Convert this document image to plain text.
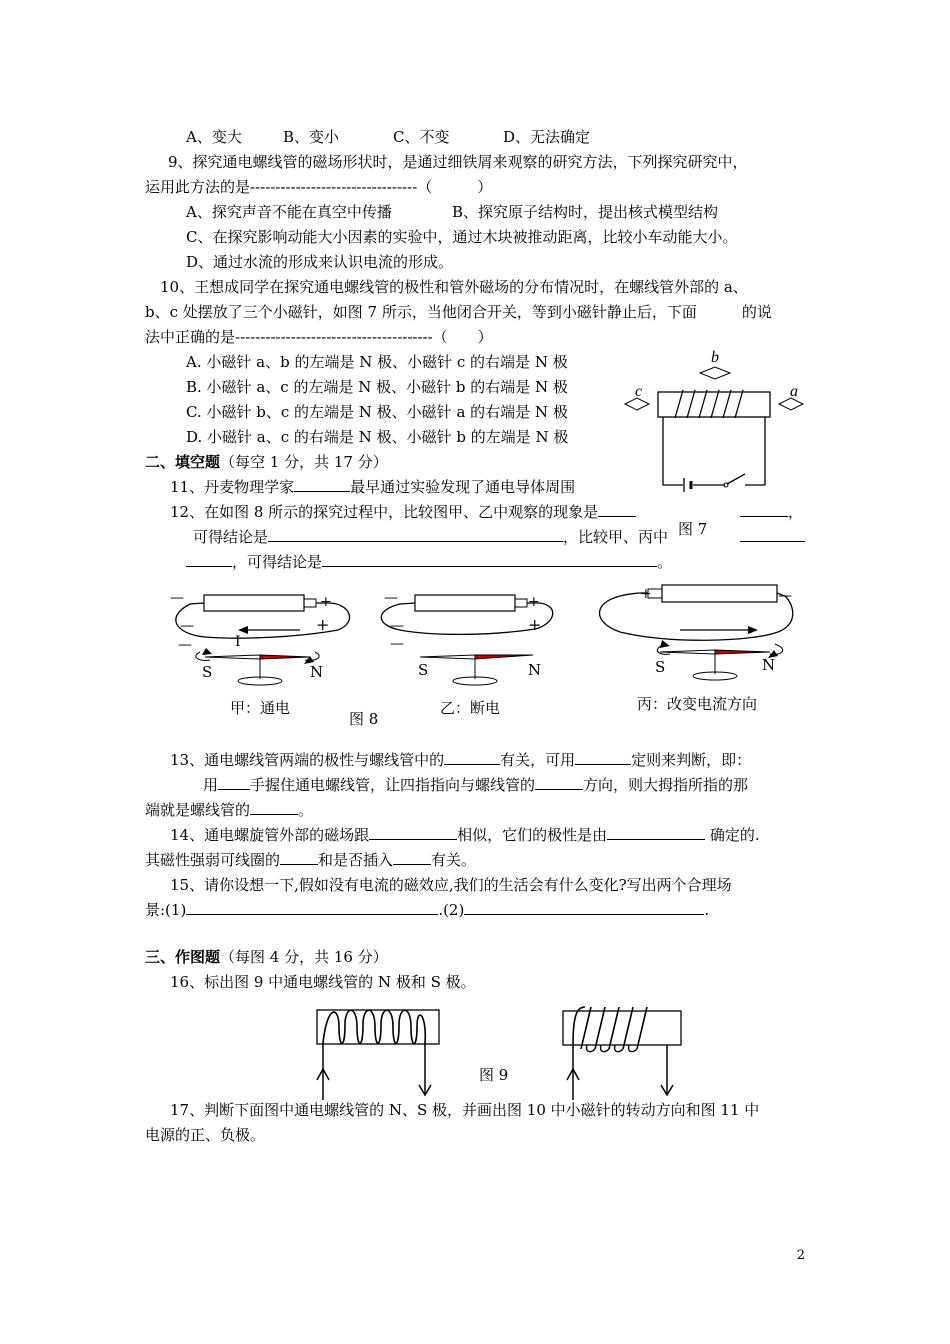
A、变大	B、变小	C、不变	D、无法确定
9、探究通电螺线管的磁场形状时，是通过细铁屑来观察的研究方法，下列探究研究中，
运用此方法的是---------------------------------（　　　）
A、探究声音不能在真空中传播	B、探究原子结构时，提出核式模型结构
C、在探究影响动能大小因素的实验中，通过木块被推动距离，比较小车动能大小。
D、通过水流的形成来认识电流的形成。
10、王想成同学在探究通电螺线管的极性和管外磁场的分布情况时，在螺线管外部的 a、
b、c 处摆放了三个小磁针，如图 7 所示，当他闭合开关，等到小磁针静止后，下面　　　的说
法中正确的是---------------------------------------（　　）
A. 小磁针 a、b 的左端是 N 极、小磁针 c 的右端是 N 极
B. 小磁针 a、c 的左端是 N 极、小磁针 b 的右端是 N 极
C. 小磁针 b、c 的左端是 N 极、小磁针 a 的右端是 N 极
D. 小磁针 a、c 的右端是 N 极、小磁针 b 的左端是 N 极
b
c	a
图 7
二、填空题（每空 1 分，共 17 分）
11、丹麦物理学家	最早通过实验发现了通电导体周围
12、在如图 8 所示的探究过程中，比较图甲、乙中观察的现象是	，
可得结论是	，比较甲、丙中
，可得结论是	。
I
—	+
—	+
—
S	N
—	+
—	+
—
S	N
+	—
S	N
甲：通电	乙：断电	丙：改变电流方向
图 8
13、通电螺线管两端的极性与螺线管中的	有关，可用	定则来判断，即：
用 手握住通电螺线管，让四指指向与螺线管的	方向，则大拇指所指的那
端就是螺线管的	。
14、通电螺旋管外部的磁场跟	相似，它们的极性是由	确定的.
其磁性强弱可线圈的	和是否插入	有关。
15、请你设想一下,假如没有电流的磁效应,我们的生活会有什么变化?写出两个合理场
景:(1)	.(2)	.
三、作图题（每图 4 分，共 16 分）
16、标出图 9 中通电螺线管的 N 极和 S 极。
图 9
17、判断下面图中通电螺线管的 N、S 极，并画出图 10 中小磁针的转动方向和图 11 中
电源的正、负极。
2
